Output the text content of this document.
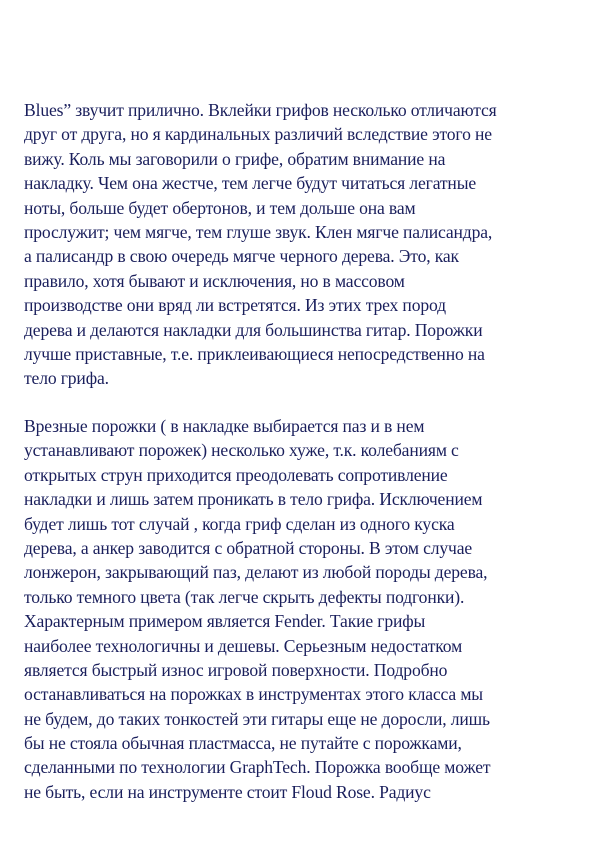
Blues” звучит прилично. Вклейки грифов несколько отличаются
друг от друга, но я кардинальных различий вследствие этого не
вижу. Коль мы заговорили о грифе, обратим внимание на
накладку. Чем она жестче, тем легче будут читаться легатные
ноты, больше будет обертонов, и тем дольше она вам
прослужит; чем мягче, тем глуше звук. Клен мягче палисандра,
а палисандр в свою очередь мягче черного дерева. Это, как
правило, хотя бывают и исключения, но в массовом
производстве они вряд ли встретятся. Из этих трех пород
дерева и делаются накладки для большинства гитар. Порожки
лучше приставные, т.е. приклеивающиеся непосредственно на
тело грифа.

Врезные порожки ( в накладке выбирается паз и в нем
устанавливают порожек) несколько хуже, т.к. колебаниям с
открытых струн приходится преодолевать сопротивление
накладки и лишь затем проникать в тело грифа. Исключением
будет лишь тот случай , когда гриф сделан из одного куска
дерева, а анкер заводится с обратной стороны. В этом случае
лонжерон, закрывающий паз, делают из любой породы дерева,
только темного цвета (так легче скрыть дефекты подгонки).
Характерным примером является Fender. Такие грифы
наиболее технологичны и дешевы. Серьезным недостатком
является быстрый износ игровой поверхности. Подробно
останавливаться на порожках в инструментах этого класса мы
не будем, до таких тонкостей эти гитары еще не доросли, лишь
бы не стояла обычная пластмасса, не путайте с порожками,
сделанными по технологии GraphTech. Порожка вообще может
не быть, если на инструменте стоит Floud Rose. Радиус
